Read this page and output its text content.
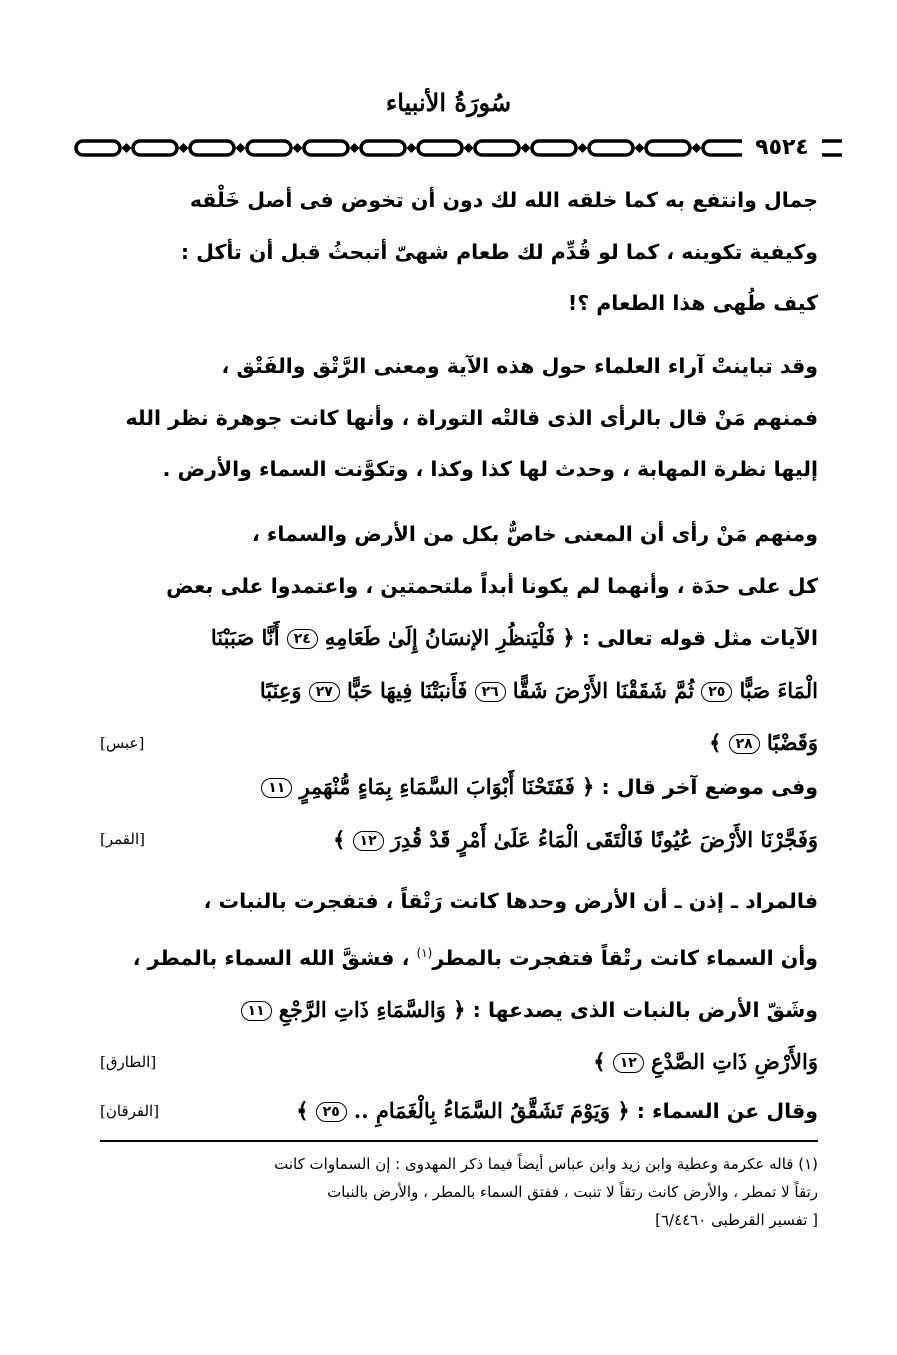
سُورَةُ الأنبياء
٩٥٢٤

جمال وانتفع به كما خلقه الله لك دون أن تخوض فى أصل خَلْقه
وكيفية تكوينه ، كما لو قُدِّم لك طعام شهىّ أتبحثُ قبل أن تأكل :
كيف طُهى هذا الطعام ؟!

وقد تباينتْ آراء العلماء حول هذه الآية ومعنى الرَّتْق والفَتْق ،
فمنهم مَنْ قال بالرأى الذى قالتْه التوراة ، وأنها كانت جوهرة نظر الله
إليها نظرة المهابة ، وحدث لها كذا وكذا ، وتكوَّنت السماء والأرض .

ومنهم مَنْ رأى أن المعنى خاصٌّ بكل من الأرض والسماء ،
كل على حدَة ، وأنهما لم يكونا أبداً ملتحمتين ، واعتمدوا على بعض
الآيات مثل قوله تعالى : ﴿ فَلْيَنظُرِ الإنسَانُ إِلَىٰ طَعَامِهِ ٢٤ أَنَّا صَبَبْنَا
الْمَاءَ صَبًّا ٢٥ ثُمَّ شَقَقْنَا الأَرْضَ شَقًّا ٢٦ فَأَنبَتْنَا فِيهَا حَبًّا ٢٧ وَعِنَبًا
وَقَضْبًا ٢٨ ﴾
[عبس]
وفى موضع آخر قال : ﴿ فَفَتَحْنَا أَبْوَابَ السَّمَاءِ بِمَاءٍ مُّنْهَمِرٍ ١١
وَفَجَّرْنَا الأَرْضَ عُيُونًا فَالْتَقَى الْمَاءُ عَلَىٰ أَمْرٍ قَدْ قُدِرَ ١٢ ﴾
[القمر]
فالمراد ـ إذن ـ أن الأرض وحدها كانت رَتْقاً ، فتفجرت بالنبات ،
وأن السماء كانت رتْقاً فتفجرت بالمطر$^{(١)}$ ، فشقَّ الله السماء بالمطر ،
وشَقّ الأرض بالنبات الذى يصدعها : ﴿ وَالسَّمَاءِ ذَاتِ الرَّجْعِ ١١
وَالأَرْضِ ذَاتِ الصَّدْعِ ١٢ ﴾
[الطارق]
وقال عن السماء : ﴿ وَيَوْمَ تَشَقَّقُ السَّمَاءُ بِالْغَمَامِ .. ٢٥ ﴾
[الفرقان]

(١) قاله عكرمة وعطية وابن زيد وابن عباس أيضاً فيما ذكر المهدوى : إن السماوات كانت
رتقاً لا تمطر ، والأرض كانت رتقاً لا تنبت ، ففتق السماء بالمطر ، والأرض بالنبات
[ تفسير القرطبى ٦/٤٤٦٠]
